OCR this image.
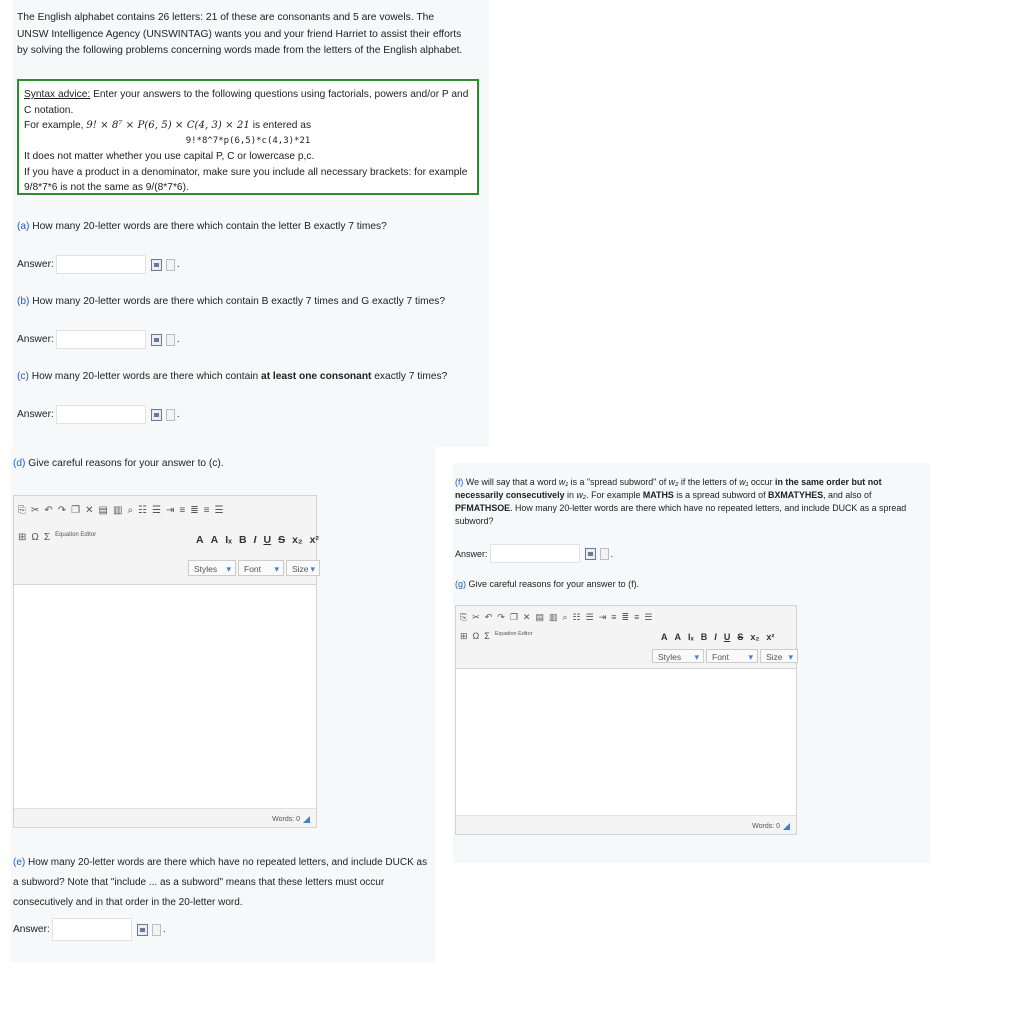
The English alphabet contains 26 letters: 21 of these are consonants and 5 are vowels. The UNSW Intelligence Agency (UNSWINTAG) wants you and your friend Harriet to assist their efforts by solving the following problems concerning words made from the letters of the English alphabet.

Syntax advice: Enter your answers to the following questions using factorials, powers and/or P and C notation.
For example, 9! × 8⁷ × P(6, 5) × C(4, 3) × 21 is entered as
9!*8^7*p(6,5)*c(4,3)*21
It does not matter whether you use capital P, C or lowercase p,c.
If you have a product in a denominator, make sure you include all necessary brackets: for example 9/8*7*6 is not the same as 9/(8*7*6).

(a) How many 20-letter words are there which contain the letter B exactly 7 times?

Answer:	.

(b) How many 20-letter words are there which contain B exactly 7 times and G exactly 7 times?

Answer:	.

(c) How many 20-letter words are there which contain at least one consonant exactly 7 times?

Answer:	.

(d) Give careful reasons for your answer to (c).

⎘ ✂ ↶ ↷ ❐ ✕ ▤ ▥ ⌕ ☷ ☰ ⇥ ≡ ≣ ≡ ☰
⊞ Ω Σ Equation Editor	A A Iₓ B I U S x₂ x²
Styles ▾	Font ▾	Size ▾
Words: 0

(e) How many 20-letter words are there which have no repeated letters, and include DUCK as a subword? Note that "include ... as a subword" means that these letters must occur consecutively and in that order in the 20-letter word.

Answer:	.

(f) We will say that a word w₁ is a "spread subword" of w₂ if the letters of w₁ occur in the same order but not necessarily consecutively in w₂. For example MATHS is a spread subword of BXMATYHES, and also of PFMATHSOE. How many 20-letter words are there which have no repeated letters, and include DUCK as a spread subword?

Answer:	.

(g) Give careful reasons for your answer to (f).

⎘ ✂ ↶ ↷ ❐ ✕ ▤ ▥ ⌕ ☷ ☰ ⇥ ≡ ≣ ≡ ☰
⊞ Ω Σ Equation Editor	A A Iₓ B I U S x₂ x²
Styles ▾	Font ▾	Size ▾
Words: 0
